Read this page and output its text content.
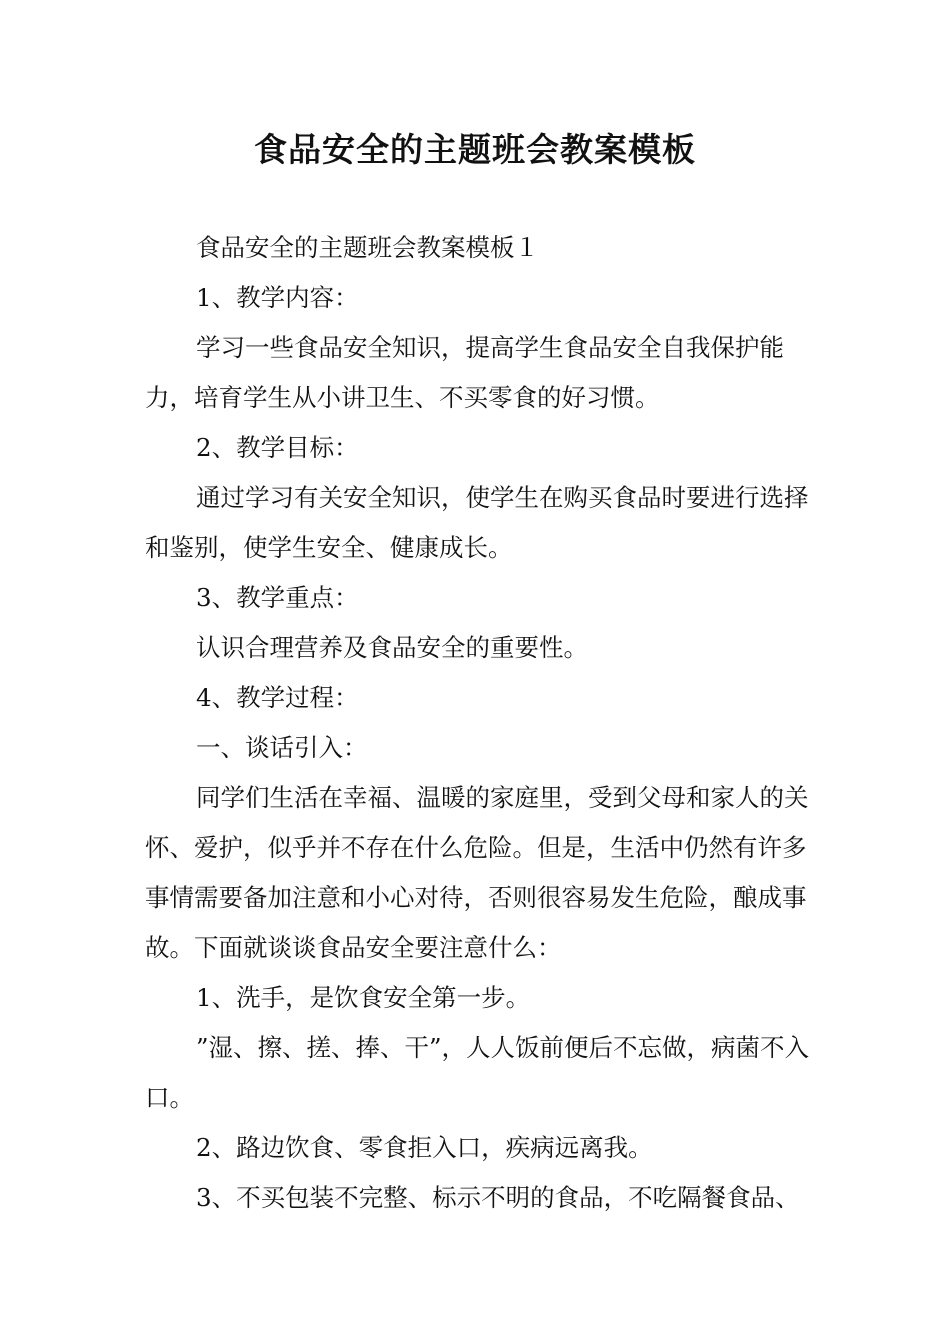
食品安全的主题班会教案模板

食品安全的主题班会教案模板１

1、教学内容：

学习一些食品安全知识，提高学生食品安全自我保护能力，培育学生从小讲卫生、不买零食的好习惯。

2、教学目标：

通过学习有关安全知识，使学生在购买食品时要进行选择和鉴别，使学生安全、健康成长。

3、教学重点：

认识合理营养及食品安全的重要性。

4、教学过程：

一、谈话引入：

同学们生活在幸福、温暖的家庭里，受到父母和家人的关怀、爱护，似乎并不存在什么危险。但是，生活中仍然有许多事情需要备加注意和小心对待，否则很容易发生危险，酿成事故。下面就谈谈食品安全要注意什么：

1、洗手，是饮食安全第一步。

”湿、擦、搓、捧、干”，人人饭前便后不忘做，病菌不入口。

2、路边饮食、零食拒入口，疾病远离我。

3、不买包装不完整、标示不明的食品，不吃隔餐食品、
